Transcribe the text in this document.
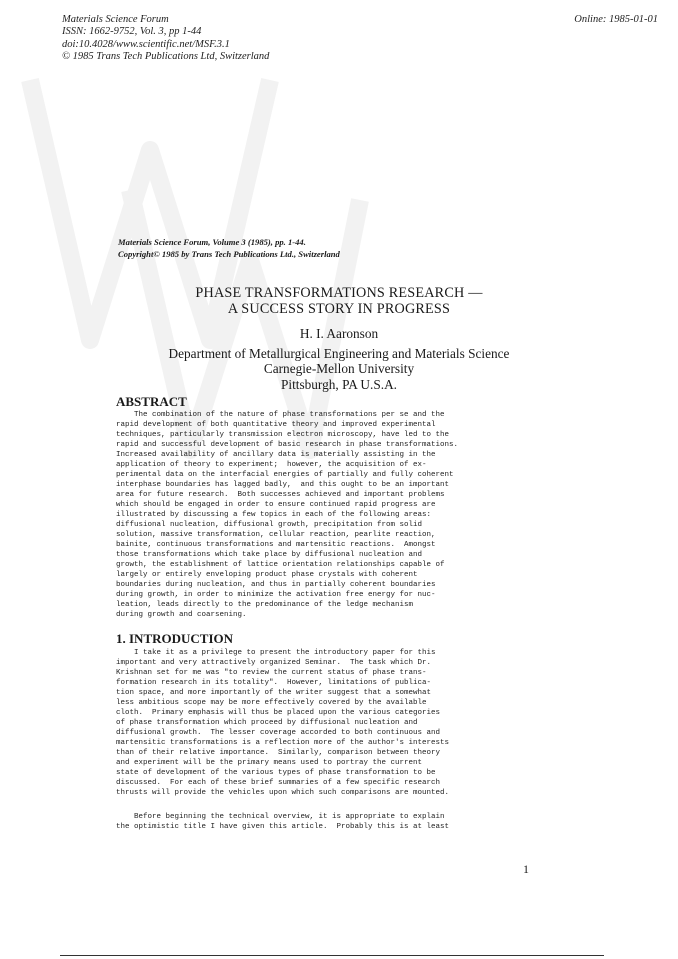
Materials Science Forum
ISSN: 1662-9752, Vol. 3, pp 1-44
doi:10.4028/www.scientific.net/MSF.3.1
© 1985 Trans Tech Publications Ltd, Switzerland
Online: 1985-01-01
Materials Science Forum, Volume 3 (1985), pp. 1-44.
Copyright© 1985 by Trans Tech Publications Ltd., Switzerland
PHASE TRANSFORMATIONS RESEARCH —
A SUCCESS STORY IN PROGRESS
H. I. Aaronson
Department of Metallurgical Engineering and Materials Science
Carnegie-Mellon University
Pittsburgh, PA U.S.A.
ABSTRACT
The combination of the nature of phase transformations per se and the
rapid development of both quantitative theory and improved experimental
techniques, particularly transmission electron microscopy, have led to the
rapid and successful development of basic research in phase transformations.
Increased availability of ancillary data is materially assisting in the
application of theory to experiment;  however, the acquisition of ex-
perimental data on the interfacial energies of partially and fully coherent
interphase boundaries has lagged badly,  and this ought to be an important
area for future research.  Both successes achieved and important problems
which should be engaged in order to ensure continued rapid progress are
illustrated by discussing a few topics in each of the following areas:
diffusional nucleation, diffusional growth, precipitation from solid
solution, massive transformation, cellular reaction, pearlite reaction,
bainite, continuous transformations and martensitic reactions.  Amongst
those transformations which take place by diffusional nucleation and
growth, the establishment of lattice orientation relationships capable of
largely or entirely enveloping product phase crystals with coherent
boundaries during nucleation, and thus in partially coherent boundaries
during growth, in order to minimize the activation free energy for nuc-
leation, leads directly to the predominance of the ledge mechanism
during growth and coarsening.
1. INTRODUCTION
I take it as a privilege to present the introductory paper for this
important and very attractively organized Seminar.  The task which Dr.
Krishnan set for me was "to review the current status of phase trans-
formation research in its totality".  However, limitations of publica-
tion space, and more importantly of the writer suggest that a somewhat
less ambitious scope may be more effectively covered by the available
cloth.  Primary emphasis will thus be placed upon the various categories
of phase transformation which proceed by diffusional nucleation and
diffusional growth.  The lesser coverage accorded to both continuous and
martensitic transformations is a reflection more of the author's interests
than of their relative importance.  Similarly, comparison between theory
and experiment will be the primary means used to portray the current
state of development of the various types of phase transformation to be
discussed.  For each of these brief summaries of a few specific research
thrusts will provide the vehicles upon which such comparisons are mounted.
Before beginning the technical overview, it is appropriate to explain
the optimistic title I have given this article.  Probably this is at least
1
